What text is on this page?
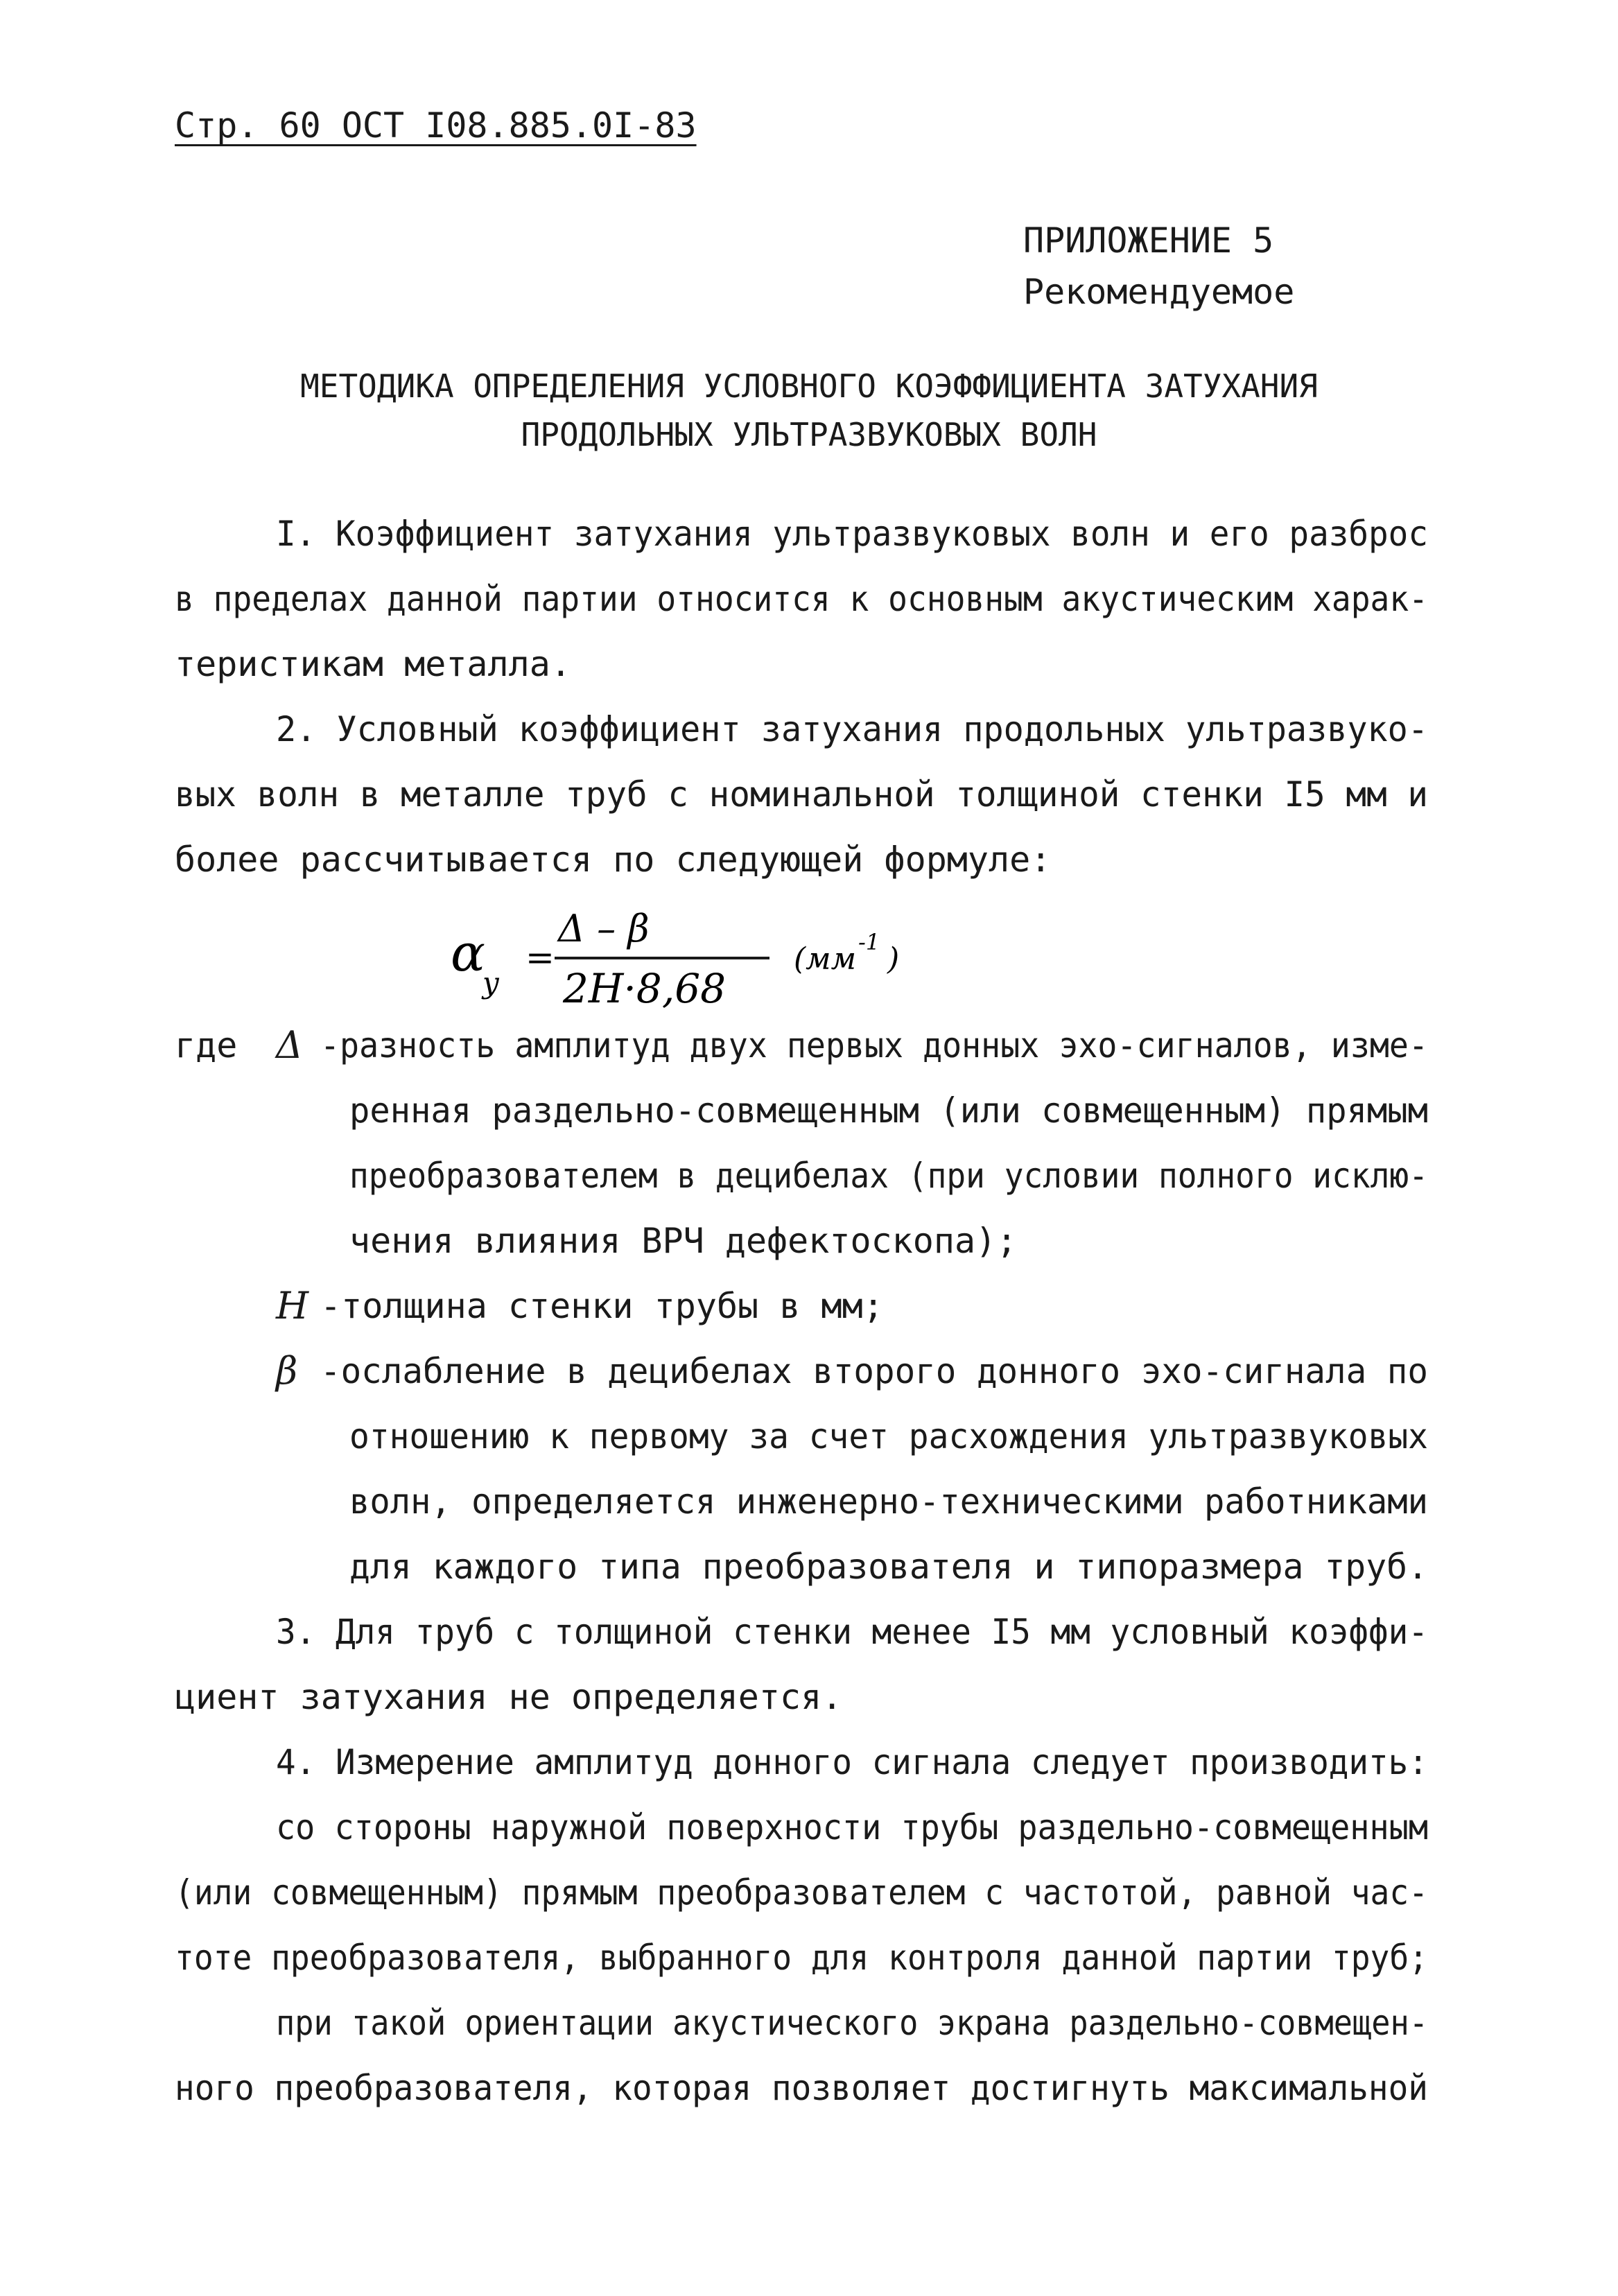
Стр. 60 ОСТ I08.885.0I-83
ПРИЛОЖЕНИЕ 5
Рекомендуемое
МЕТОДИКА ОПРЕДЕЛЕНИЯ УСЛОВНОГО КОЭФФИЦИЕНТА ЗАТУХАНИЯ
ПРОДОЛЬНЫХ УЛЬТРАЗВУКОВЫХ ВОЛН
I. Коэффициент затухания ультразвуковых волн и его разброс
в пределах данной партии относится к основным акустическим харак-
теристикам металла.
2. Условный коэффициент затухания продольных ультразвуко-
вых волн в металле труб с номинальной толщиной стенки I5 мм и
более рассчитывается по следующей формуле:
α
у
=
Δ – β
2Н·8,68
(мм -1 )
где Δ -разность амплитуд двух первых донных эхо-сигналов, изме-
ренная раздельно-совмещенным (или совмещенным) прямым
преобразователем в децибелах (при условии полного исклю-
чения влияния ВРЧ дефектоскопа);
Н -толщина стенки трубы в мм;
β -ослабление в децибелах второго донного эхо-сигнала по
отношению к первому за счет расхождения ультразвуковых
волн, определяется инженерно-техническими работниками
для каждого типа преобразователя и типоразмера труб.
3. Для труб с толщиной стенки менее I5 мм условный коэффи-
циент затухания не определяется.
4. Измерение амплитуд донного сигнала следует производить:
со стороны наружной поверхности трубы раздельно-совмещенным
(или совмещенным) прямым преобразователем с частотой, равной час-
тоте преобразователя, выбранного для контроля данной партии труб;
при такой ориентации акустического экрана раздельно-совмещен-
ного преобразователя, которая позволяет достигнуть максимальной
